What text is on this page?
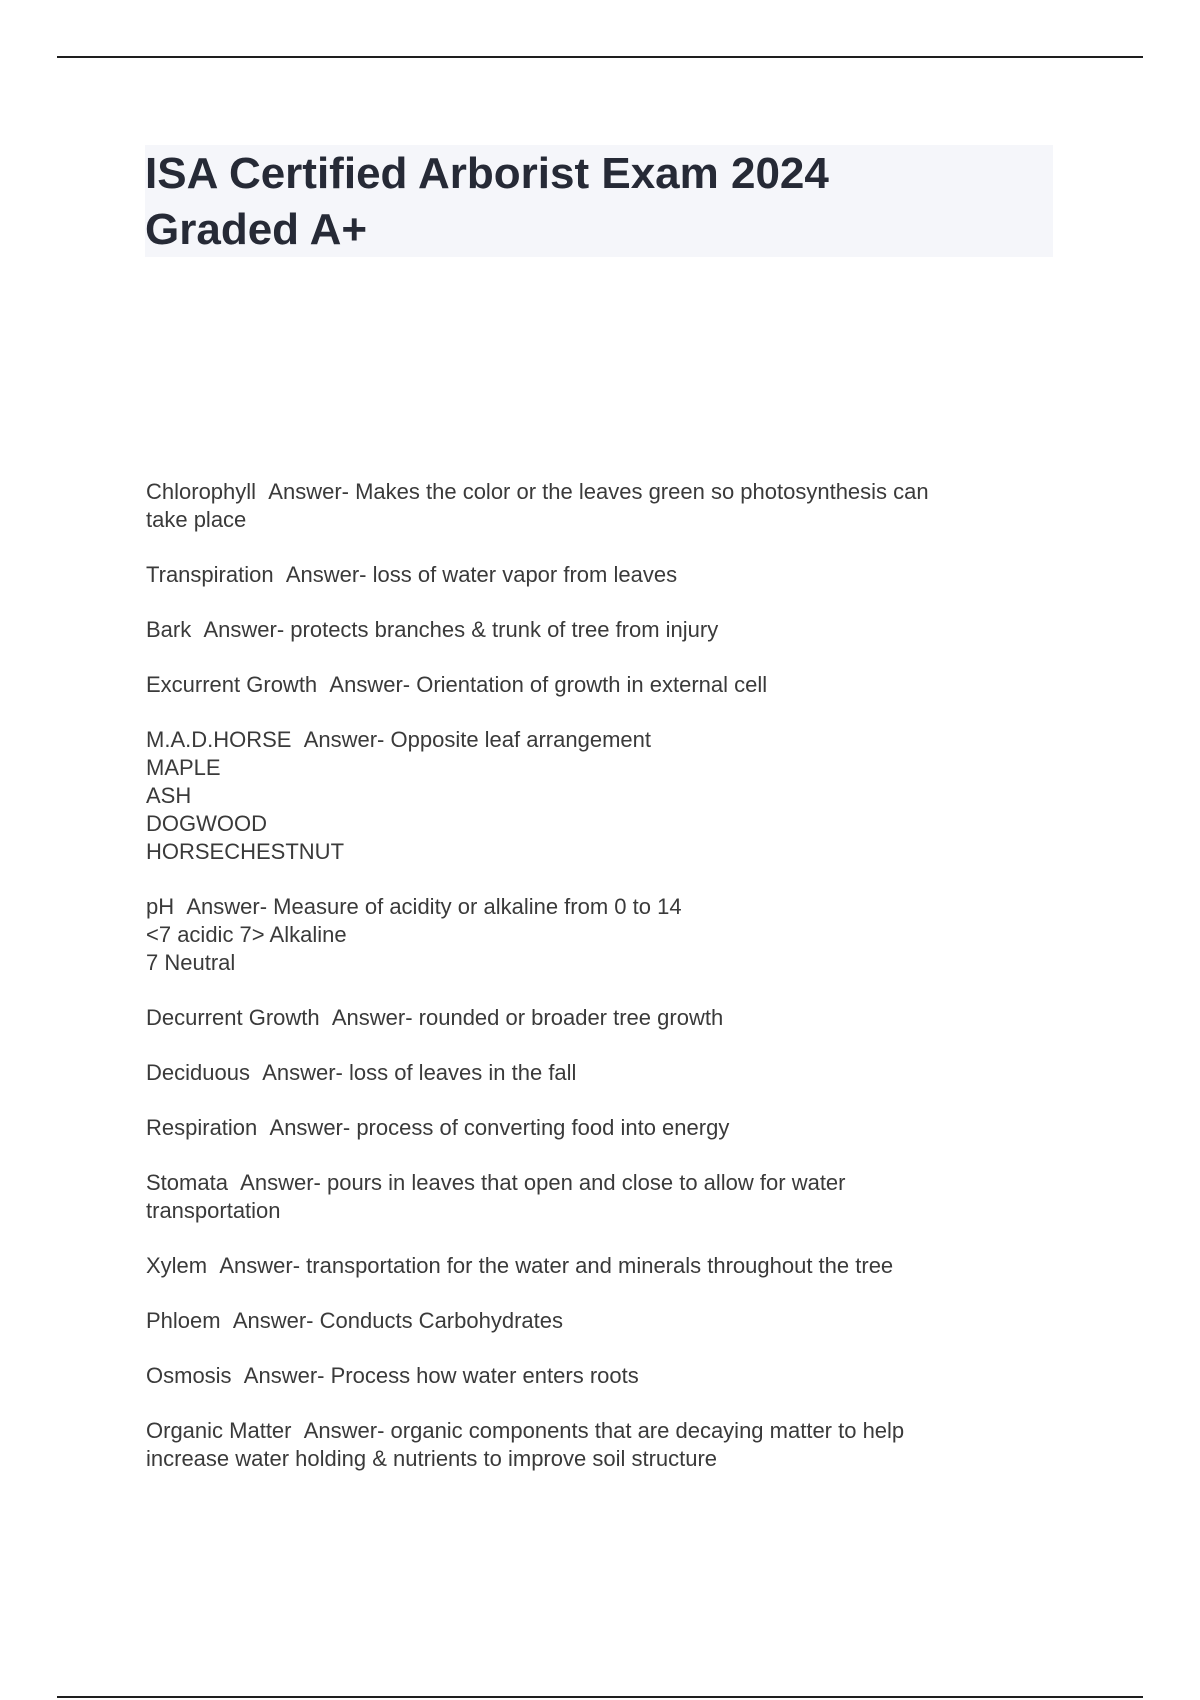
ISA Certified Arborist Exam 2024
Graded A+

Chlorophyll Answer- Makes the color or the leaves green so photosynthesis can
take place

Transpiration Answer- loss of water vapor from leaves

Bark Answer- protects branches & trunk of tree from injury

Excurrent Growth Answer- Orientation of growth in external cell

M.A.D.HORSE Answer- Opposite leaf arrangement
MAPLE
ASH
DOGWOOD
HORSECHESTNUT

pH Answer- Measure of acidity or alkaline from 0 to 14
<7 acidic 7> Alkaline
7 Neutral

Decurrent Growth Answer- rounded or broader tree growth

Deciduous Answer- loss of leaves in the fall

Respiration Answer- process of converting food into energy

Stomata Answer- pours in leaves that open and close to allow for water
transportation

Xylem Answer- transportation for the water and minerals throughout the tree

Phloem Answer- Conducts Carbohydrates

Osmosis Answer- Process how water enters roots

Organic Matter Answer- organic components that are decaying matter to help
increase water holding & nutrients to improve soil structure
